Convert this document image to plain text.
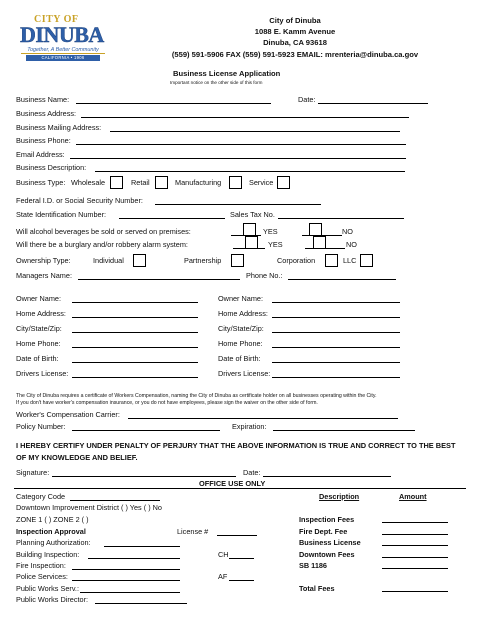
CITY OF
DINUBA
Together, A Better Community
CALIFORNIA • 1906
City of Dinuba
1088 E. Kamm Avenue
Dinuba, CA 93618
(559) 591-5906 FAX (559) 591-5923 EMAIL: mrenteria@dinuba.ca.gov
Business License Application
Important notice on the other side of this form
Business Name:	Date:
Business Address:
Business Mailing Address:
Business Phone:
Email Address:
Business Description:
Business Type: Wholesale	Retail	Manufacturing	Service
Federal I.D. or Social Security Number:
State Identification Number:	Sales Tax No.
Will alcohol beverages be sold or served on premises:	YES	NO
Will there be a burglary and/or robbery alarm system:	YES	NO
Ownership Type:	Individual	Partnership	Corporation	LLC
Managers Name:	Phone No.:
Owner Name:
Home Address:
City/State/Zip:
Home Phone:
Date of Birth:
Drivers License:
Owner Name:
Home Address:
City/State/Zip:
Home Phone:
Date of Birth:
Drivers License:
The City of Dinuba requires a certificate of Workers Compensation, naming the City of Dinuba as certificate holder on all businesses operating within the City.
If you don't have worker's compensation insurance, or you do not have employees, please sign the waiver on the other side of form.
Worker's Compensation Carrier:
Policy Number:	Expiration:
I HEREBY CERTIFY UNDER PENALTY OF PERJURY THAT THE ABOVE INFORMATION IS TRUE AND CORRECT TO THE BEST OF MY KNOWLEDGE AND BELIEF.
Signature:	Date:
OFFICE USE ONLY
Category Code
Downtown Improvement District ( ) Yes ( ) No
ZONE 1 ( ) ZONE 2 ( )
Inspection Approval	License #
Planning Authorization:
Building Inspection:	CH
Fire Inspection:
Police Services:	AF
Public Works Serv.:
Public Works Director:
Description	Amount
Inspection Fees
Fire Dept. Fee
Business License
Downtown Fees
SB 1186
Total Fees
